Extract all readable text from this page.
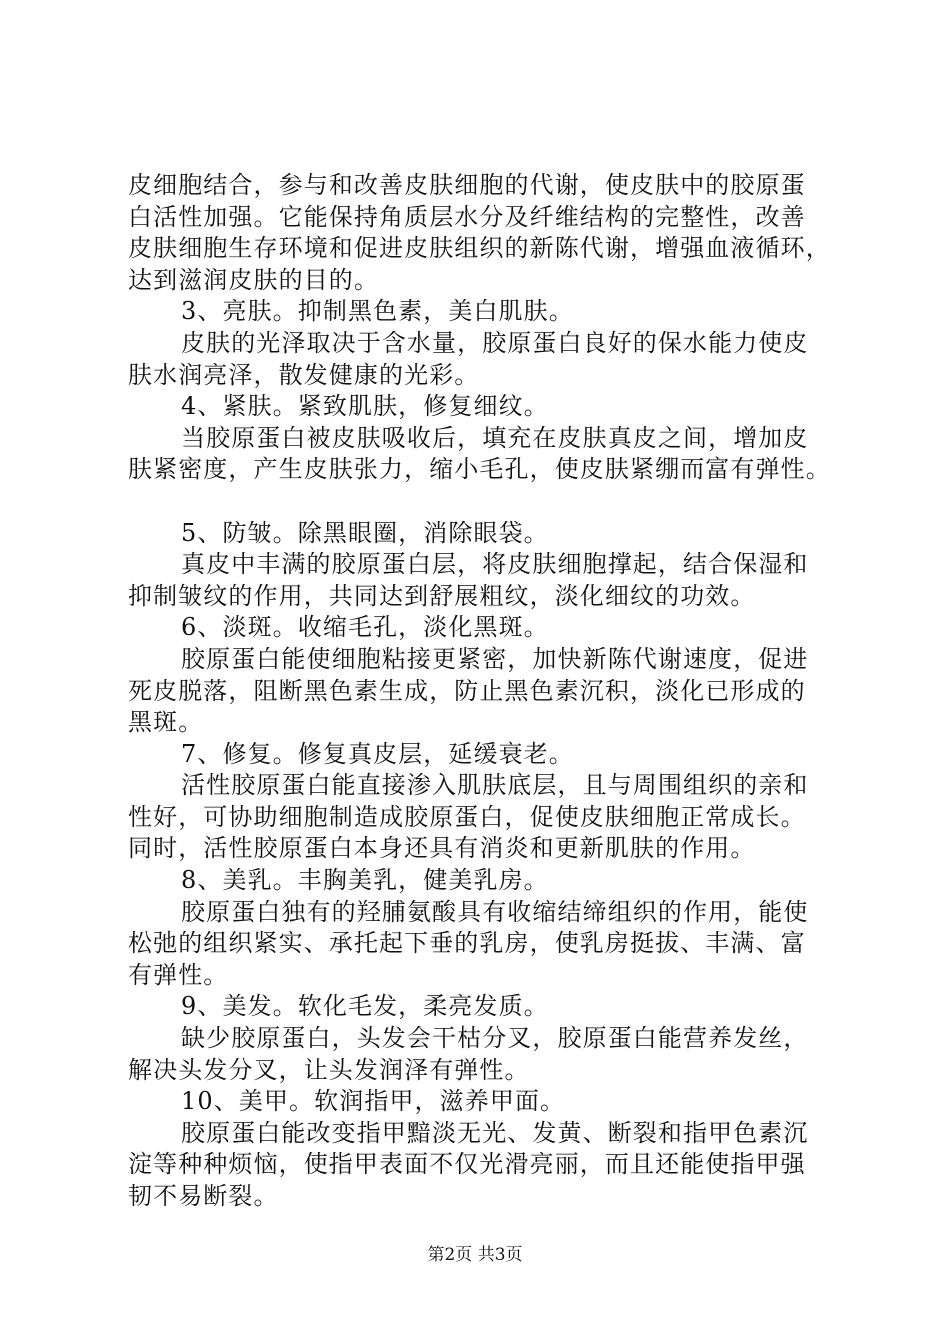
皮细胞结合，参与和改善皮肤细胞的代谢，使皮肤中的胶原蛋
白活性加强。它能保持角质层水分及纤维结构的完整性，改善
皮肤细胞生存环境和促进皮肤组织的新陈代谢，增强血液循环，
达到滋润皮肤的目的。
3、亮肤。抑制黑色素，美白肌肤。
皮肤的光泽取决于含水量，胶原蛋白良好的保水能力使皮
肤水润亮泽，散发健康的光彩。
4、紧肤。紧致肌肤，修复细纹。
当胶原蛋白被皮肤吸收后，填充在皮肤真皮之间，增加皮
肤紧密度，产生皮肤张力，缩小毛孔，使皮肤紧绷而富有弹性。
5、防皱。除黑眼圈，消除眼袋。
真皮中丰满的胶原蛋白层，将皮肤细胞撑起，结合保湿和
抑制皱纹的作用，共同达到舒展粗纹，淡化细纹的功效。
6、淡斑。收缩毛孔，淡化黑斑。
胶原蛋白能使细胞粘接更紧密，加快新陈代谢速度，促进
死皮脱落，阻断黑色素生成，防止黑色素沉积，淡化已形成的
黑斑。
7、修复。修复真皮层，延缓衰老。
活性胶原蛋白能直接渗入肌肤底层，且与周围组织的亲和
性好，可协助细胞制造成胶原蛋白，促使皮肤细胞正常成长。
同时，活性胶原蛋白本身还具有消炎和更新肌肤的作用。
8、美乳。丰胸美乳，健美乳房。
胶原蛋白独有的羟脯氨酸具有收缩结缔组织的作用，能使
松弛的组织紧实、承托起下垂的乳房，使乳房挺拔、丰满、富
有弹性。
9、美发。软化毛发，柔亮发质。
缺少胶原蛋白，头发会干枯分叉，胶原蛋白能营养发丝，
解决头发分叉，让头发润泽有弹性。
10、美甲。软润指甲，滋养甲面。
胶原蛋白能改变指甲黯淡无光、发黄、断裂和指甲色素沉
淀等种种烦恼，使指甲表面不仅光滑亮丽，而且还能使指甲强
韧不易断裂。
第2页 共3页
